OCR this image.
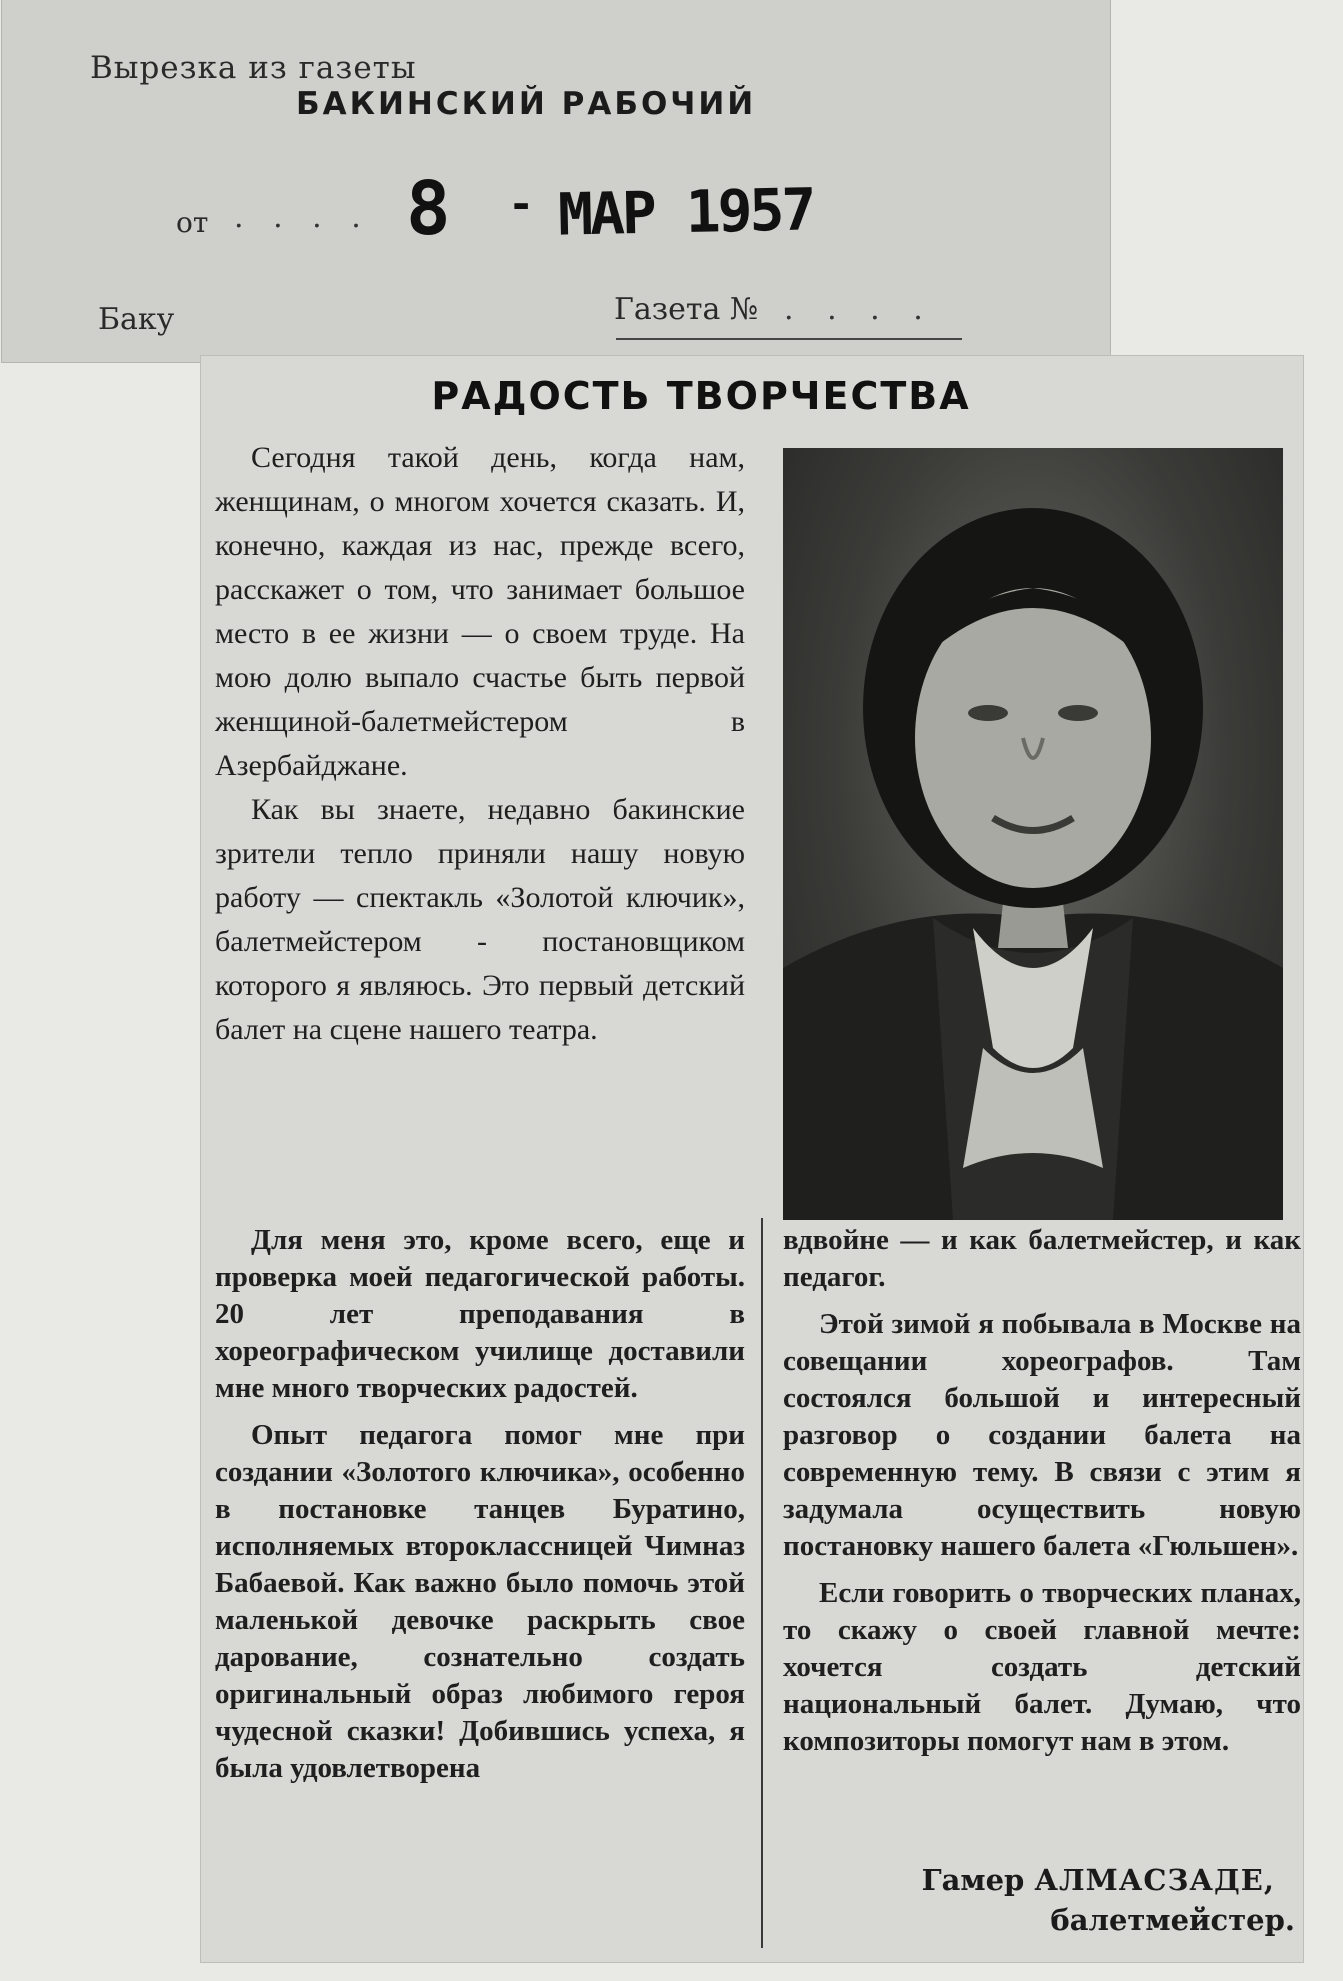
Вырезка из газеты
БАКИНСКИЙ РАБОЧИЙ
от . . . . 8 - МАР 1957
Баку	Газета № . . . .
РАДОСТЬ ТВОРЧЕСТВА

Сегодня такой день, когда нам, женщинам, о многом хочется сказать. И, конечно, каждая из нас, прежде всего, расскажет о том, что занимает большое место в ее жизни — о своем труде. На мою долю выпало счастье быть первой женщиной-балетмейстером в Азербайджане.

Как вы знаете, недавно бакинские зрители тепло приняли нашу новую работу — спектакль «Золотой ключик», балетмейстером - постановщиком которого я являюсь. Это первый детский балет на сцене нашего театра.

Для меня это, кроме всего, еще и проверка моей педагогической работы. 20 лет преподавания в хореографическом училище доставили мне много творческих радостей.

Опыт педагога помог мне при создании «Золотого ключика», особенно в постановке танцев Буратино, исполняемых второклассницей Чимназ Бабаевой. Как важно было помочь этой маленькой девочке раскрыть свое дарование, сознательно создать оригинальный образ любимого героя чудесной сказки! Добившись успеха, я была удовлетворена

вдвойне — и как балетмейстер, и как педагог.

Этой зимой я побывала в Москве на совещании хореографов. Там состоялся большой и интересный разговор о создании балета на современную тему. В связи с этим я задумала осуществить новую постановку нашего балета «Гюльшен».

Если говорить о творческих планах, то скажу о своей главной мечте: хочется создать детский национальный балет. Думаю, что композиторы помогут нам в этом.

Гамер АЛМАСЗАДЕ,
балетмейстер.
